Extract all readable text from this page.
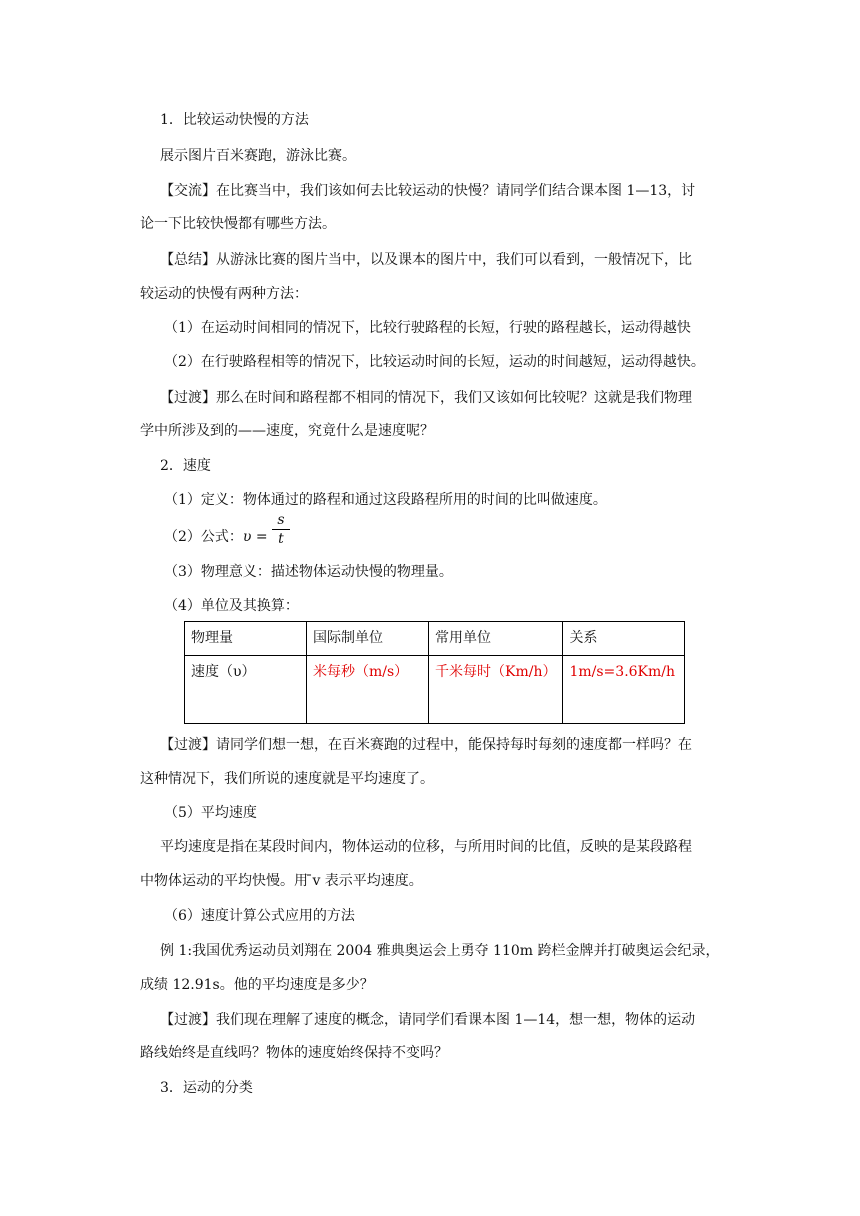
1．比较运动快慢的方法
展示图片百米赛跑，游泳比赛。
【交流】在比赛当中，我们该如何去比较运动的快慢？请同学们结合课本图 1—13，讨
论一下比较快慢都有哪些方法。
【总结】从游泳比赛的图片当中，以及课本的图片中，我们可以看到，一般情况下，比
较运动的快慢有两种方法：
（1）在运动时间相同的情况下，比较行驶路程的长短，行驶的路程越长，运动得越快
（2）在行驶路程相等的情况下，比较运动时间的长短，运动的时间越短，运动得越快。
【过渡】那么在时间和路程都不相同的情况下，我们又该如何比较呢？这就是我们物理
学中所涉及到的——速度，究竟什么是速度呢？
2．速度
（1）定义：物体通过的路程和通过这段路程所用的时间的比叫做速度。
（2）公式：υ =
s
t
（3）物理意义：描述物体运动快慢的物理量。
（4）单位及其换算：
物理量	国际制单位	常用单位	关系
速度（υ）	米每秒（m/s）	千米每时（Km/h）	1m/s=3.6Km/h
【过渡】请同学们想一想，在百米赛跑的过程中，能保持每时每刻的速度都一样吗？在
这种情况下，我们所说的速度就是平均速度了。
（5）平均速度
平均速度是指在某段时间内，物体运动的位移，与所用时间的比值，反映的是某段路程
中物体运动的平均快慢。用 ̄v 表示平均速度。
（6）速度计算公式应用的方法
例 1:我国优秀运动员刘翔在 2004 雅典奥运会上勇夺 110m 跨栏金牌并打破奥运会纪录，
成绩 12.91s。他的平均速度是多少？
【过渡】我们现在理解了速度的概念，请同学们看课本图 1—14，想一想，物体的运动
路线始终是直线吗？物体的速度始终保持不变吗？
3．运动的分类
